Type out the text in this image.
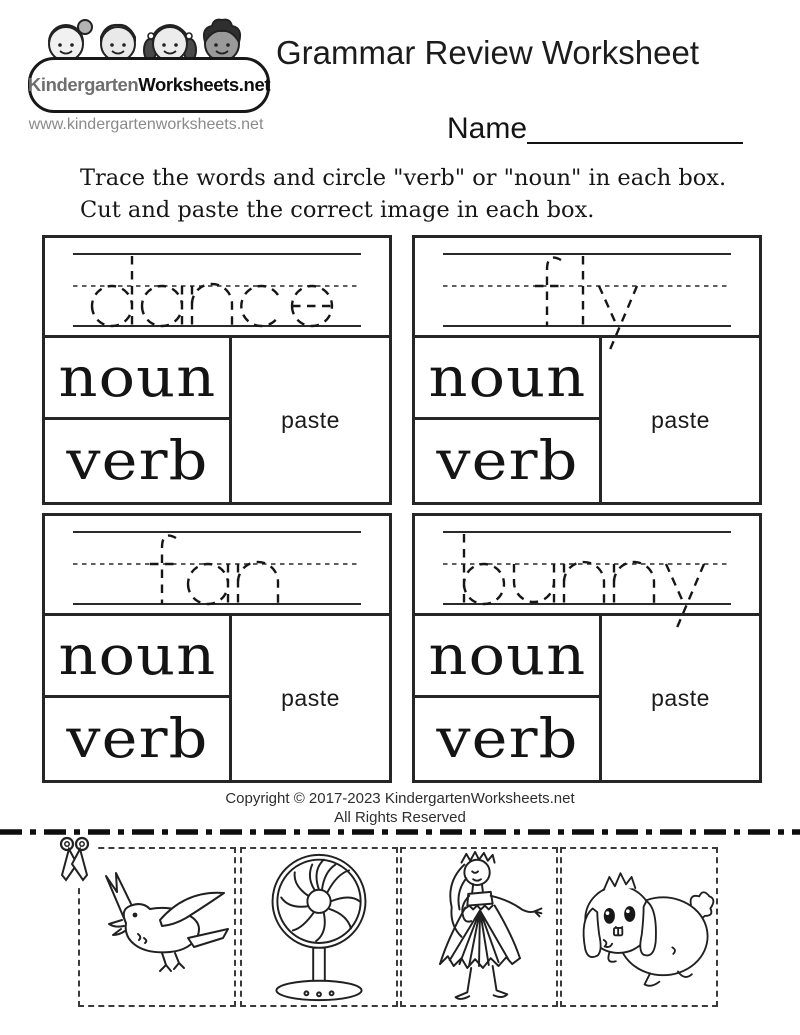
Kindergarten Worksheets.net
www.kindergartenworksheets.net
Grammar Review Worksheet
Name
Trace the words and circle "verb" or "noun" in each box.
Cut and paste the correct image in each box.
noun
paste
verb
noun
paste
verb
noun
paste
verb
noun
paste
verb
Copyright © 2017-2023 KindergartenWorksheets.net
All Rights Reserved
